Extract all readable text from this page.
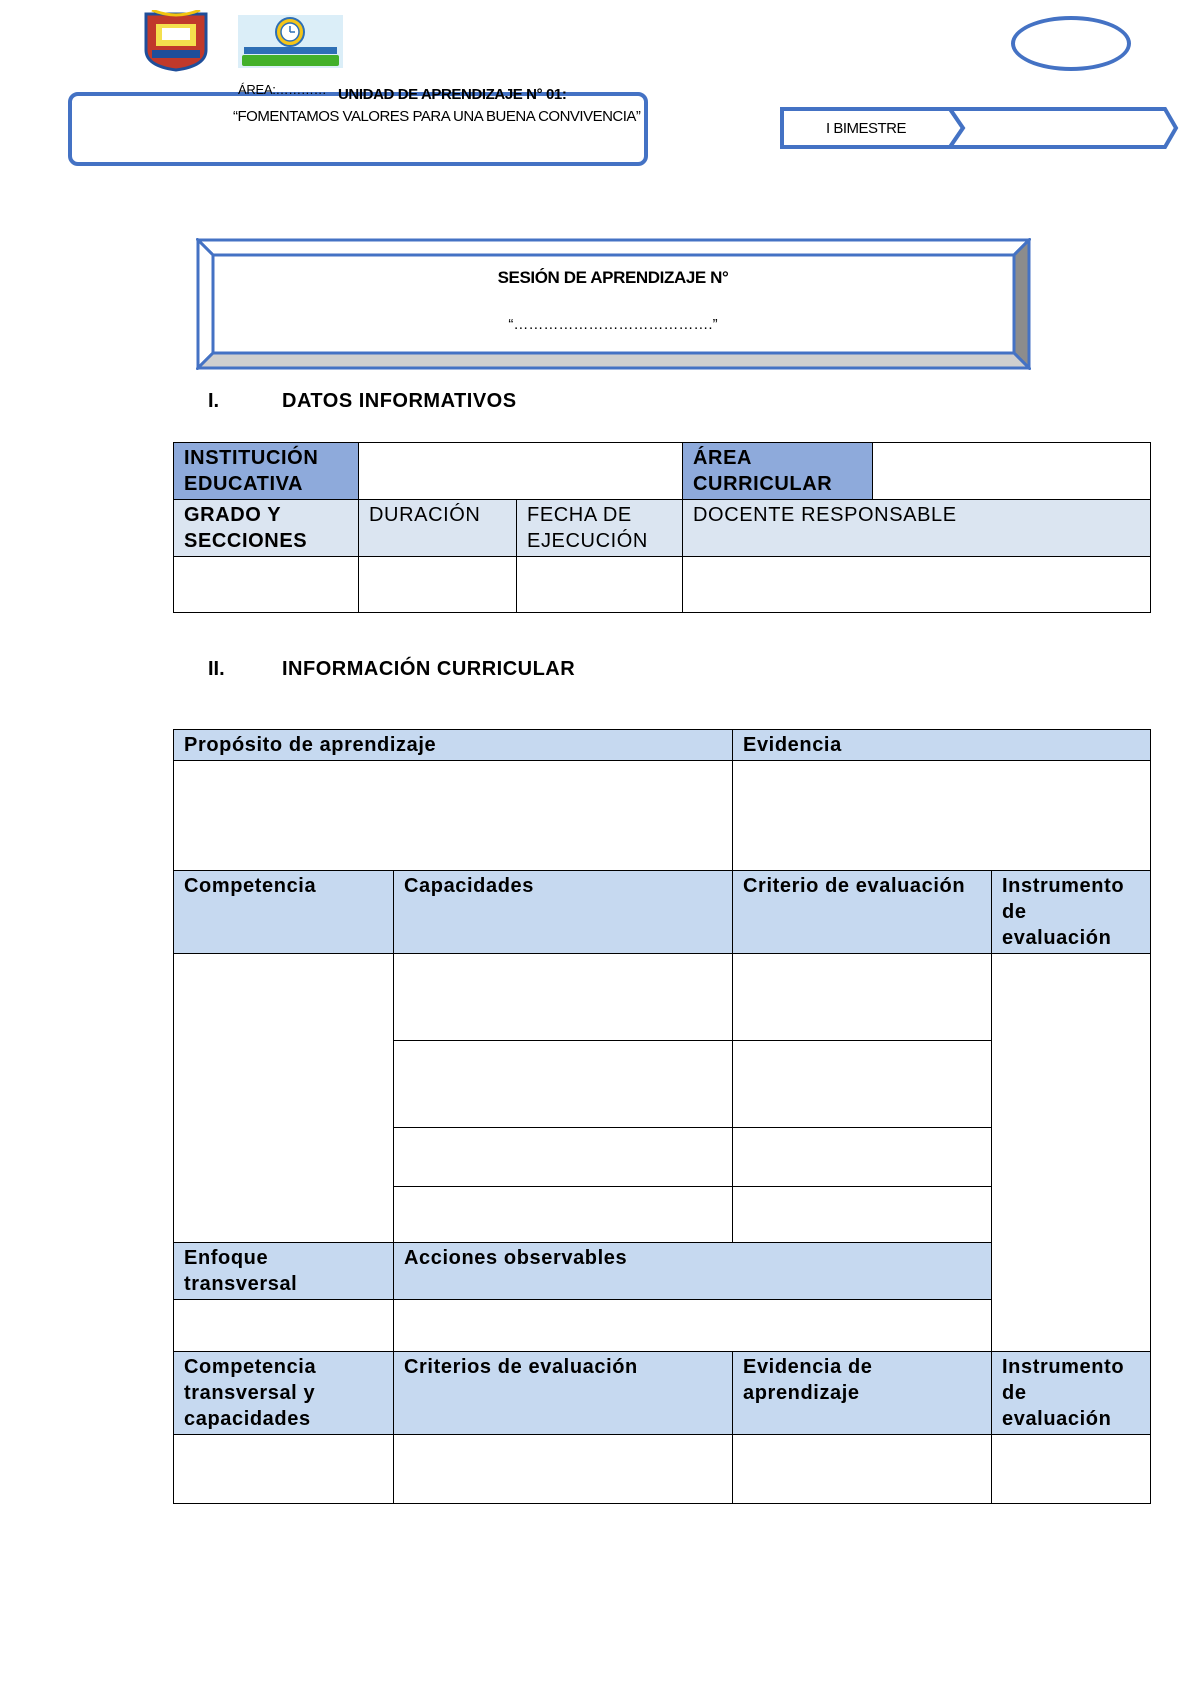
ÁREA:………… UNIDAD DE APRENDIZAJE N° 01:
“FOMENTAMOS VALORES PARA UNA BUENA CONVIVENCIA”
I BIMESTRE
SESIÓN DE APRENDIZAJE N°
“………………………………….”
I.	DATOS INFORMATIVOS
INSTITUCIÓN EDUCATIVA			ÁREA CURRICULAR	
GRADO Y SECCIONES	DURACIÓN	FECHA DE EJECUCIÓN	DOCENTE RESPONSABLE	

II.	INFORMACIÓN CURRICULAR
Propósito de aprendizaje		Evidencia	

Competencia	Capacidades	Criterio de evaluación	Instrumento de evaluación

Enfoque transversal	Acciones observables		

Competencia transversal y capacidades	Criterios de evaluación	Evidencia de aprendizaje	Instrumento de evaluación
